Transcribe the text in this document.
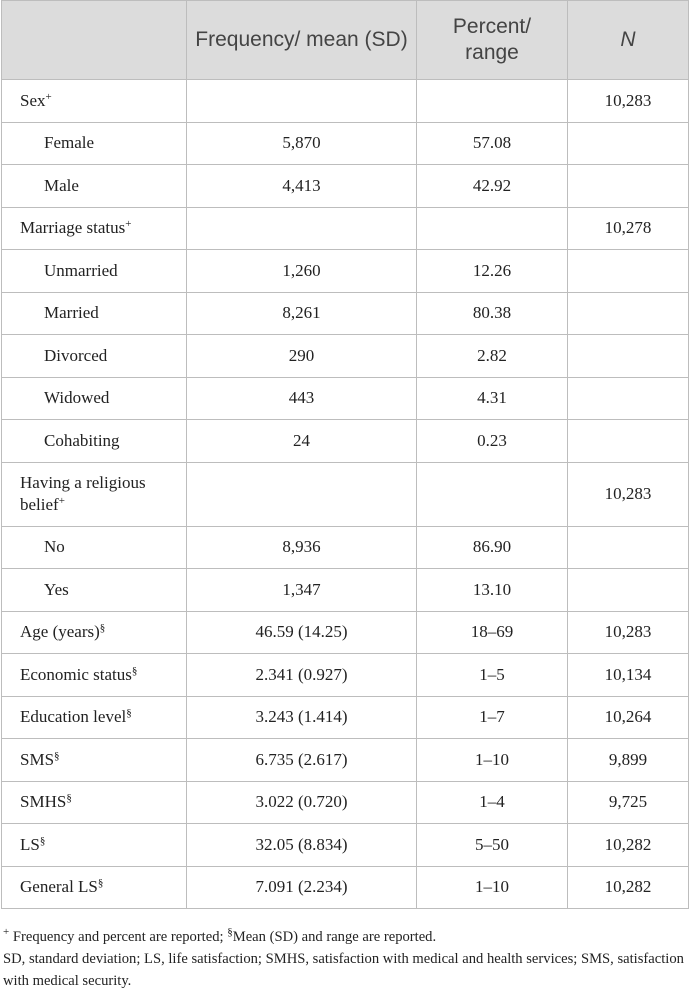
	Frequency/ mean (SD)	Percent/ range	N
Sex+			10,283
Female	5,870	57.08	
Male	4,413	42.92	
Marriage status+			10,278
Unmarried	1,260	12.26	
Married	8,261	80.38	
Divorced	290	2.82	
Widowed	443	4.31	
Cohabiting	24	0.23	
Having a religious belief+			10,283
No	8,936	86.90	
Yes	1,347	13.10	
Age (years)§	46.59 (14.25)	18–69	10,283
Economic status§	2.341 (0.927)	1–5	10,134
Education level§	3.243 (1.414)	1–7	10,264
SMS§	6.735 (2.617)	1–10	9,899
SMHS§	3.022 (0.720)	1–4	9,725
LS§	32.05 (8.834)	5–50	10,282
General LS§	7.091 (2.234)	1–10	10,282

+ Frequency and percent are reported; §Mean (SD) and range are reported.

SD, standard deviation; LS, life satisfaction; SMHS, satisfaction with medical and health services; SMS, satisfaction with medical security.
